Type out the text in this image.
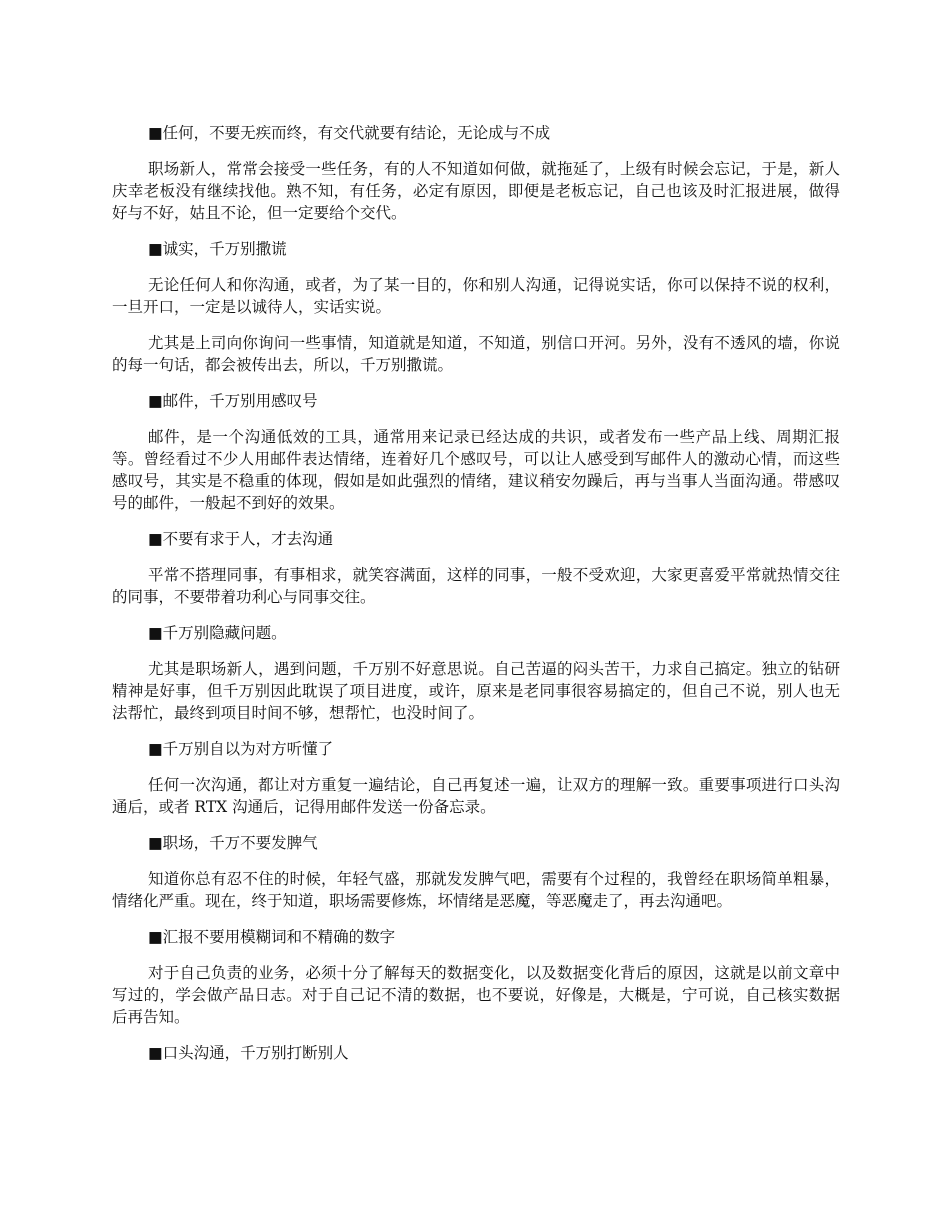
■任何，不要无疾而终，有交代就要有结论，无论成与不成

职场新人，常常会接受一些任务，有的人不知道如何做，就拖延了，上级有时候会忘记，于是，新人庆幸老板没有继续找他。熟不知，有任务，必定有原因，即便是老板忘记，自己也该及时汇报进展，做得好与不好，姑且不论，但一定要给个交代。

■诚实，千万别撒谎

无论任何人和你沟通，或者，为了某一目的，你和别人沟通，记得说实话，你可以保持不说的权利，一旦开口，一定是以诚待人，实话实说。

尤其是上司向你询问一些事情，知道就是知道，不知道，别信口开河。另外，没有不透风的墙，你说的每一句话，都会被传出去，所以，千万别撒谎。

■邮件，千万别用感叹号

邮件，是一个沟通低效的工具，通常用来记录已经达成的共识，或者发布一些产品上线、周期汇报等。曾经看过不少人用邮件表达情绪，连着好几个感叹号，可以让人感受到写邮件人的激动心情，而这些感叹号，其实是不稳重的体现，假如是如此强烈的情绪，建议稍安勿躁后，再与当事人当面沟通。带感叹号的邮件，一般起不到好的效果。

■不要有求于人，才去沟通

平常不搭理同事，有事相求，就笑容满面，这样的同事，一般不受欢迎，大家更喜爱平常就热情交往的同事，不要带着功利心与同事交往。

■千万别隐藏问题。

尤其是职场新人，遇到问题，千万别不好意思说。自己苦逼的闷头苦干，力求自己搞定。独立的钻研精神是好事，但千万别因此耽误了项目进度，或许，原来是老同事很容易搞定的，但自己不说，别人也无法帮忙，最终到项目时间不够，想帮忙，也没时间了。

■千万别自以为对方听懂了

任何一次沟通，都让对方重复一遍结论，自己再复述一遍，让双方的理解一致。重要事项进行口头沟通后，或者 RTX 沟通后，记得用邮件发送一份备忘录。

■职场，千万不要发脾气

知道你总有忍不住的时候，年轻气盛，那就发发脾气吧，需要有个过程的，我曾经在职场简单粗暴，情绪化严重。现在，终于知道，职场需要修炼，坏情绪是恶魔，等恶魔走了，再去沟通吧。

■汇报不要用模糊词和不精确的数字

对于自己负责的业务，必须十分了解每天的数据变化，以及数据变化背后的原因，这就是以前文章中写过的，学会做产品日志。对于自己记不清的数据，也不要说，好像是，大概是，宁可说，自己核实数据后再告知。

■口头沟通，千万别打断别人
